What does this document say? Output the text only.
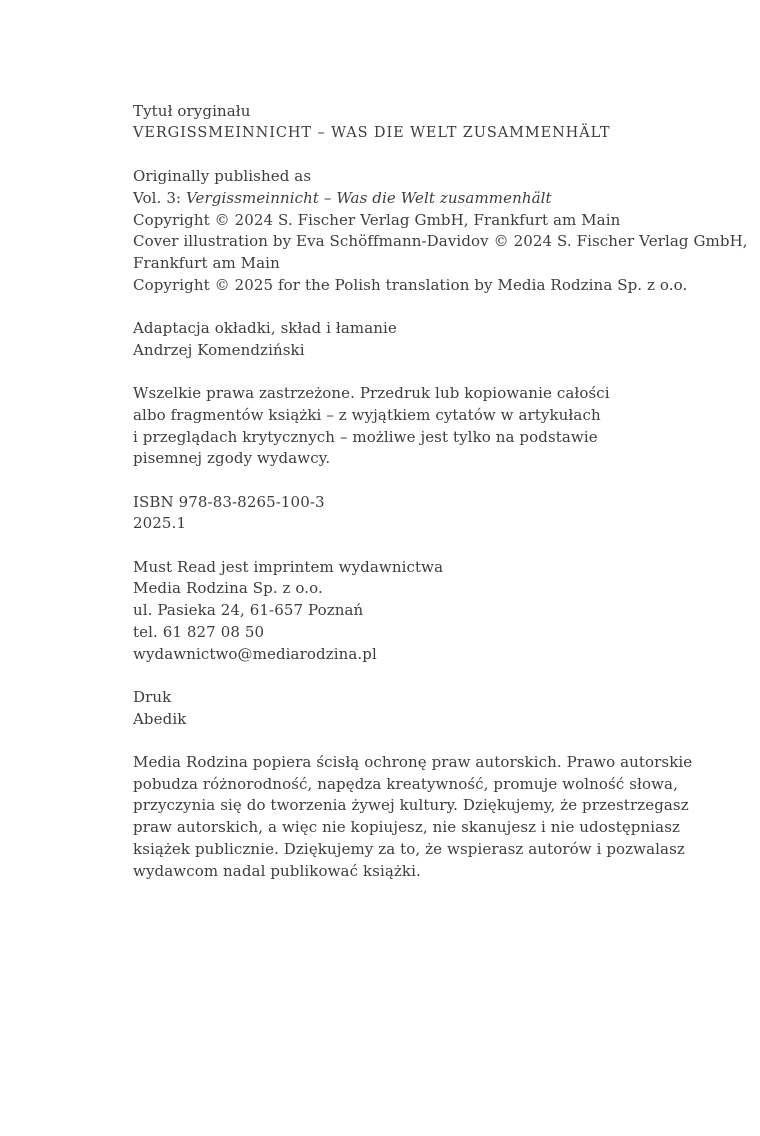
Tytuł oryginału

VERGISSMEINNICHT – WAS DIE WELT ZUSAMMENHÄLT

Originally published as

Vol. 3: Vergissmeinnicht – Was die Welt zusammenhält

Copyright © 2024 S. Fischer Verlag GmbH, Frankfurt am Main

Cover illustration by Eva Schöffmann-Davidov © 2024 S. Fischer Verlag GmbH,

Frankfurt am Main

Copyright © 2025 for the Polish translation by Media Rodzina Sp. z o.o.

Adaptacja okładki, skład i łamanie

Andrzej Komendziński

Wszelkie prawa zastrzeżone. Przedruk lub kopiowanie całości

albo fragmentów książki – z wyjątkiem cytatów w artykułach

i przeglądach krytycznych – możliwe jest tylko na podstawie

pisemnej zgody wydawcy.

ISBN 978-83-8265-100-3

2025.1

Must Read jest imprintem wydawnictwa

Media Rodzina Sp. z o.o.

ul. Pasieka 24, 61-657 Poznań

tel. 61 827 08 50

wydawnictwo@mediarodzina.pl

Druk

Abedik

Media Rodzina popiera ścisłą ochronę praw autorskich. Prawo autorskie

pobudza różnorodność, napędza kreatywność, promuje wolność słowa,

przyczynia się do tworzenia żywej kultury. Dziękujemy, że przestrzegasz

praw autorskich, a więc nie kopiujesz, nie skanujesz i nie udostępniasz

książek publicznie. Dziękujemy za to, że wspierasz autorów i pozwalasz

wydawcom nadal publikować książki.
